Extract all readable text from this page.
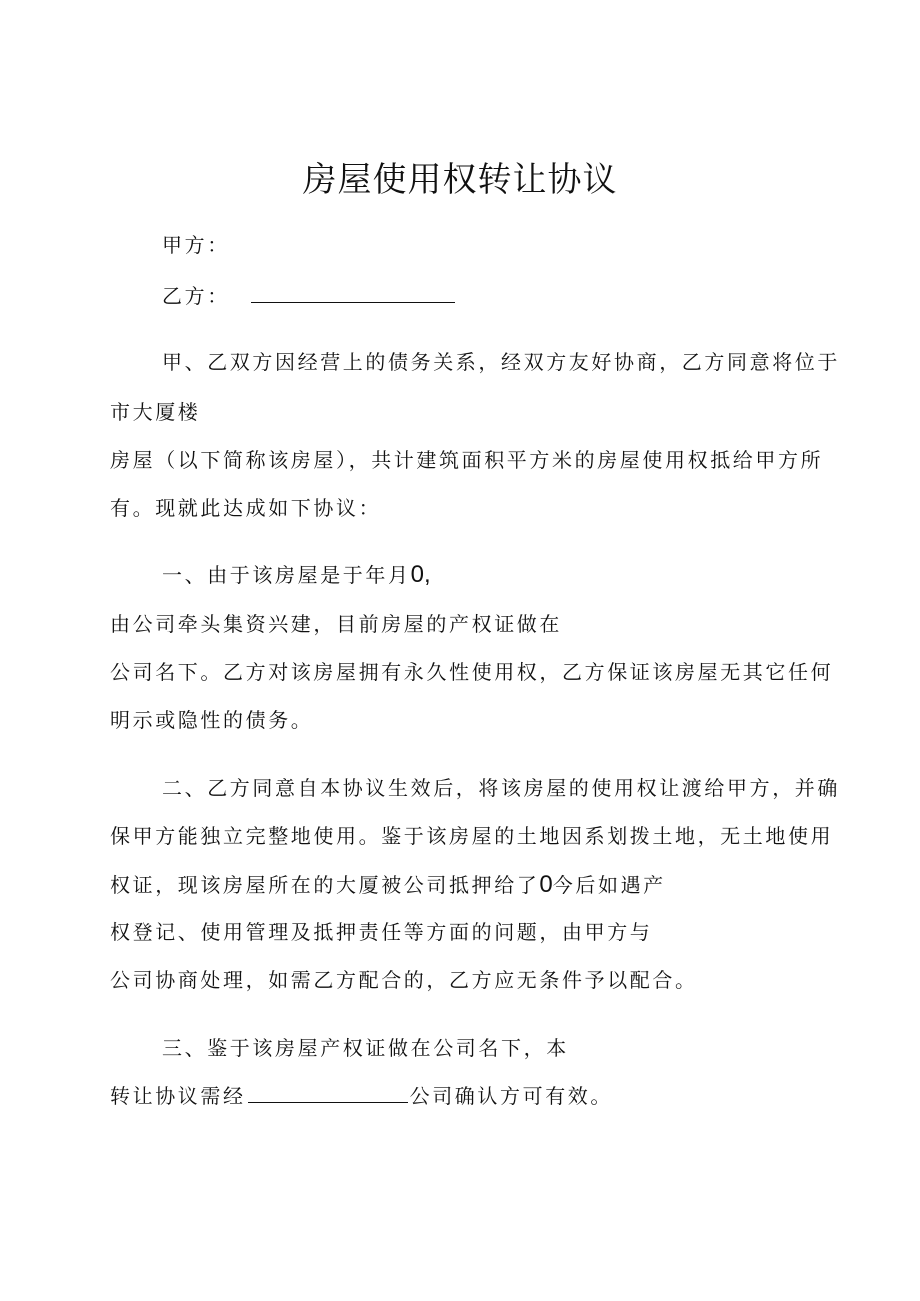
房屋使用权转让协议
甲方：
乙方：
甲、乙双方因经营上的债务关系，经双方友好协商，乙方同意将位于
市大厦楼
房屋（以下简称该房屋），共计建筑面积平方米的房屋使用权抵给甲方所
有。现就此达成如下协议：
一、由于该房屋是于年月0,
由公司牵头集资兴建，目前房屋的产权证做在
公司名下。乙方对该房屋拥有永久性使用权，乙方保证该房屋无其它任何
明示或隐性的债务。
二、乙方同意自本协议生效后，将该房屋的使用权让渡给甲方，并确
保甲方能独立完整地使用。鉴于该房屋的土地因系划拨土地，无土地使用
权证，现该房屋所在的大厦被公司抵押给了0今后如遇产
权登记、使用管理及抵押责任等方面的问题，由甲方与
公司协商处理，如需乙方配合的，乙方应无条件予以配合。
三、鉴于该房屋产权证做在公司名下，本
转让协议需经	公司确认方可有效。
